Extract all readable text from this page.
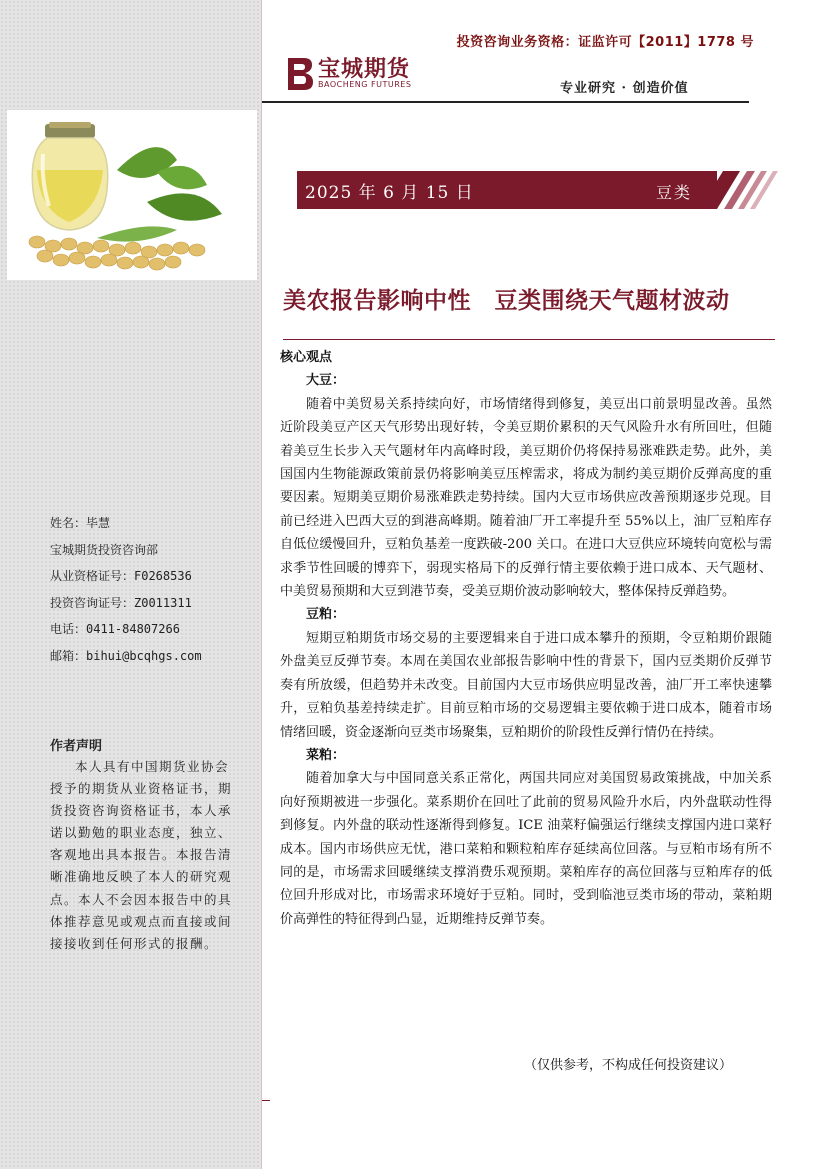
投资咨询业务资格：证监许可【2011】1778 号
宝城期货
BAOCHENG FUTURES	专业研究 · 创造价值
2025 年 6 月 15 日	豆类
美农报告影响中性　豆类围绕天气题材波动
核心观点
大豆：

随着中美贸易关系持续向好，市场情绪得到修复，美豆出口前景明显改善。虽然近阶段美豆产区天气形势出现好转，令美豆期价累积的天气风险升水有所回吐，但随着美豆生长步入天气题材年内高峰时段，美豆期价仍将保持易涨难跌走势。此外，美国国内生物能源政策前景仍将影响美豆压榨需求，将成为制约美豆期价反弹高度的重要因素。短期美豆期价易涨难跌走势持续。国内大豆市场供应改善预期逐步兑现。目前已经进入巴西大豆的到港高峰期。随着油厂开工率提升至 55%以上，油厂豆粕库存自低位缓慢回升，豆粕负基差一度跌破-200 关口。在进口大豆供应环境转向宽松与需求季节性回暖的博弈下，弱现实格局下的反弹行情主要依赖于进口成本、天气题材、中美贸易预期和大豆到港节奏，受美豆期价波动影响较大，整体保持反弹趋势。

豆粕：

短期豆粕期货市场交易的主要逻辑来自于进口成本攀升的预期，令豆粕期价跟随外盘美豆反弹节奏。本周在美国农业部报告影响中性的背景下，国内豆类期价反弹节奏有所放缓，但趋势并未改变。目前国内大豆市场供应明显改善，油厂开工率快速攀升，豆粕负基差持续走扩。目前豆粕市场的交易逻辑主要依赖于进口成本，随着市场情绪回暖，资金逐渐向豆类市场聚集，豆粕期价的阶段性反弹行情仍在持续。

菜粕：

随着加拿大与中国同意关系正常化，两国共同应对美国贸易政策挑战，中加关系向好预期被进一步强化。菜系期价在回吐了此前的贸易风险升水后，内外盘联动性得到修复。内外盘的联动性逐渐得到修复。ICE 油菜籽偏强运行继续支撑国内进口菜籽成本。国内市场供应无忧，港口菜粕和颗粒粕库存延续高位回落。与豆粕市场有所不同的是，市场需求回暖继续支撑消费乐观预期。菜粕库存的高位回落与豆粕库存的低位回升形成对比，市场需求环境好于豆粕。同时，受到临池豆类市场的带动，菜粕期价高弹性的特征得到凸显，近期维持反弹节奏。

（仅供参考，不构成任何投资建议）
姓名：毕慧
宝城期货投资咨询部
从业资格证号：F0268536
投资咨询证号：Z0011311
电话：0411-84807266
邮箱：bihui@bcqhgs.com
作者声明
本人具有中国期货业协会授予的期货从业资格证书，期货投资咨询资格证书，本人承诺以勤勉的职业态度，独立、客观地出具本报告。本报告清晰准确地反映了本人的研究观点。本人不会因本报告中的具体推荐意见或观点而直接或间接接收到任何形式的报酬。
